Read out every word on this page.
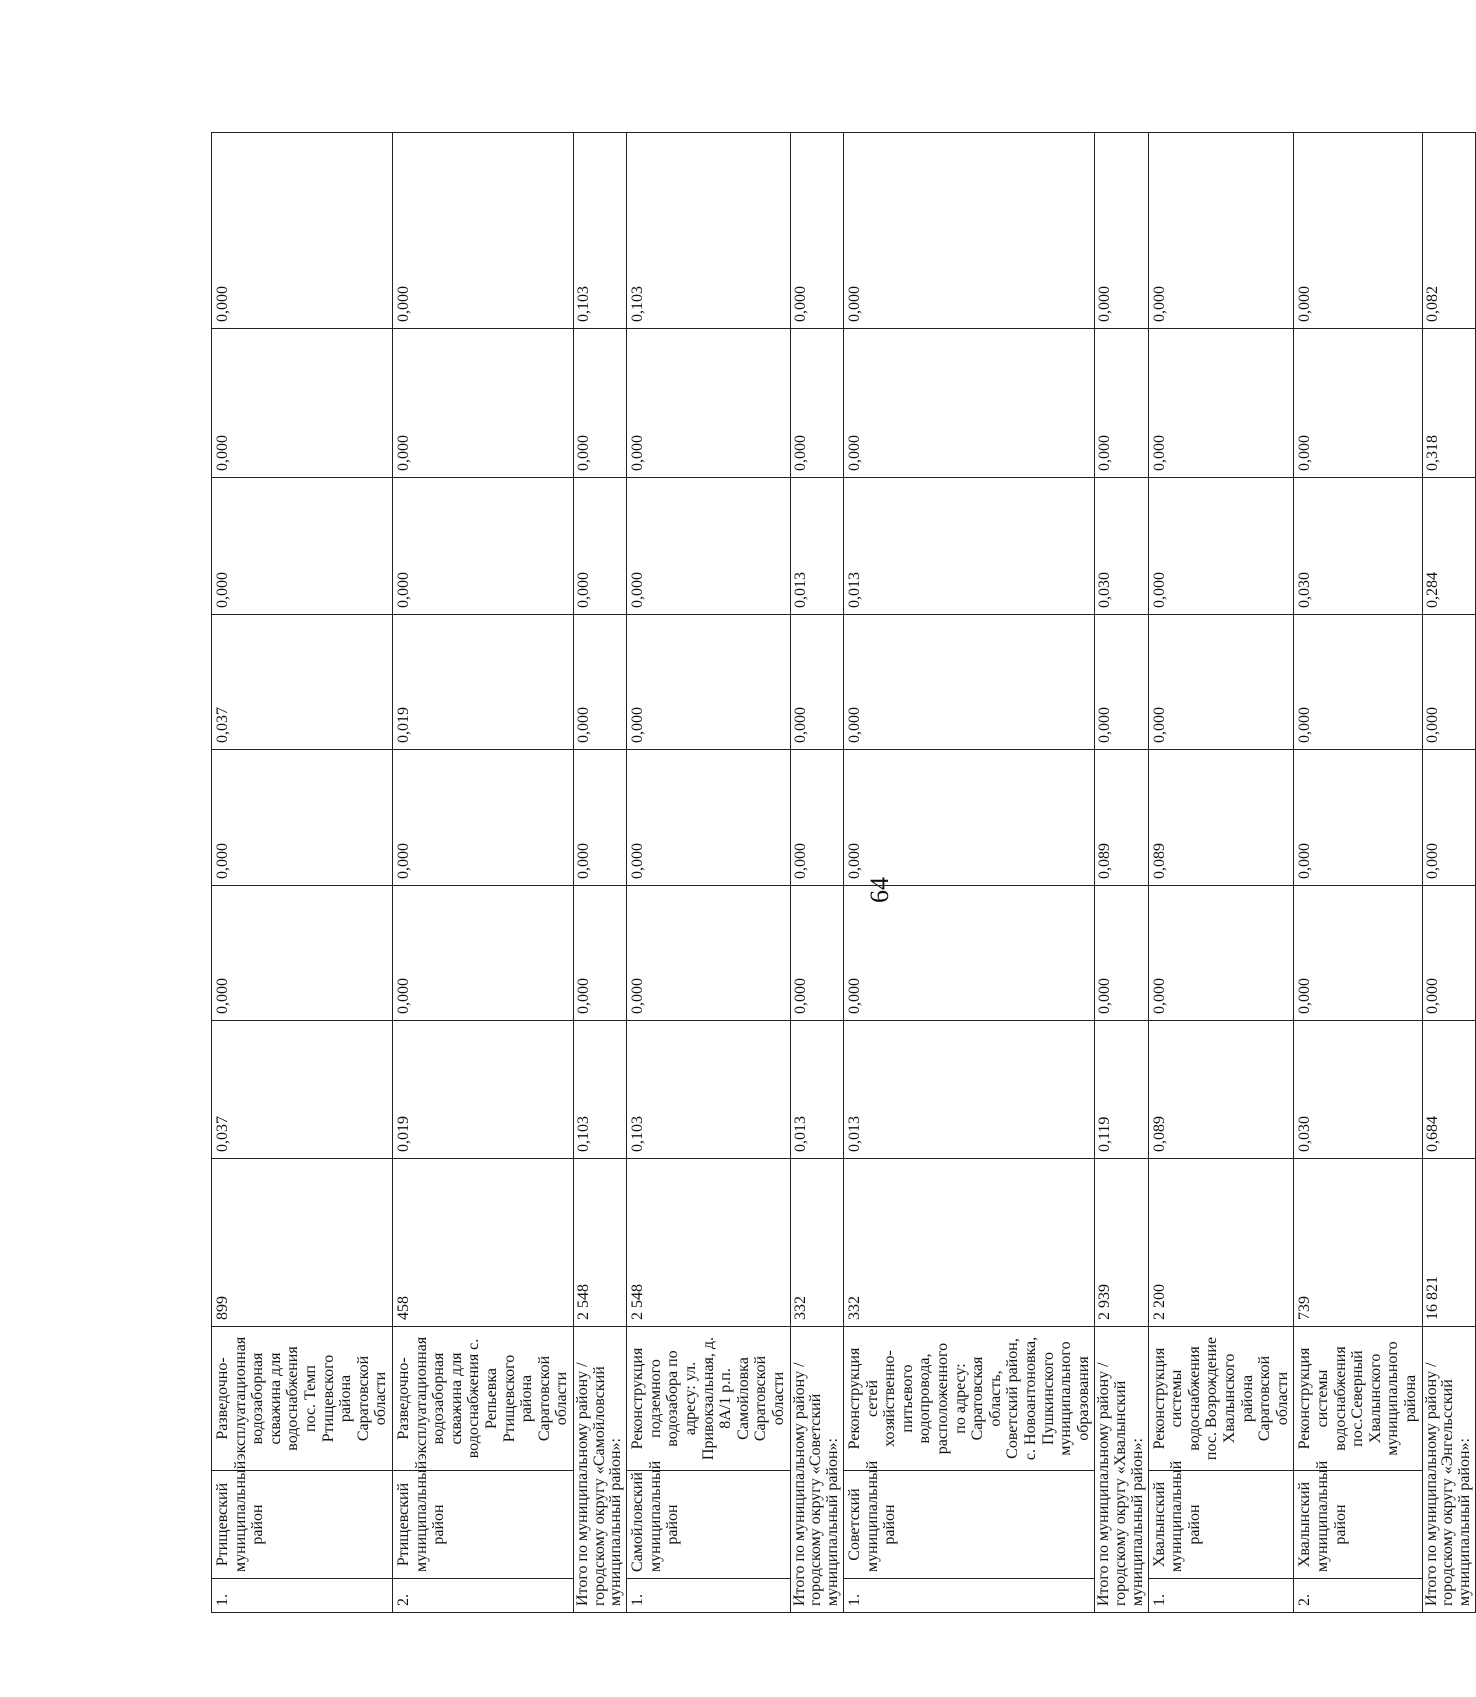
64
1.	Ртищевский муниципальный район	Разведочно-эксплуатационная водозаборная скважина для водоснабжения пос. Темп Ртищевского района Саратовской области	899	0,037	0,000	0,000	0,037	0,000	0,000	0,000
2.	Ртищевский муниципальный район	Разведочно-эксплуатационная водозаборная скважина для водоснабжения с. Репьевка Ртищевского района Саратовской области	458	0,019	0,000	0,000	0,019	0,000	0,000	0,000
Итого по муниципальному району / городскому округу «Самойловский муниципальный район»:			2 548	0,103	0,000	0,000	0,000	0,000	0,000	0,103
1.	Самойловский муниципальный район	Реконструкция подземного водозабора по адресу: ул. Привокзальная, д. 8А/1 р.п. Самойловка Саратовской области	2 548	0,103	0,000	0,000	0,000	0,000	0,000	0,103
Итого по муниципальному району / городскому округу «Советский муниципальный район»:			332	0,013	0,000	0,000	0,000	0,013	0,000	0,000
1.	Советский муниципальный район	Реконструкция сетей хозяйственно-питьевого водопровода, расположенного по адресу: Саратовская область, Советский район, с. Новоантоновка, Пушкинского муниципального образования	332	0,013	0,000	0,000	0,000	0,013	0,000	0,000
Итого по муниципальному району / городскому округу «Хвалынский муниципальный район»:			2 939	0,119	0,000	0,089	0,000	0,030	0,000	0,000
1.	Хвалынский муниципальный район	Реконструкция системы водоснабжения пос. Возрождение Хвалынского района Саратовской области	2 200	0,089	0,000	0,089	0,000	0,000	0,000	0,000
2.	Хвалынский муниципальный район	Реконструкция системы водоснабжения пос.Северный Хвалынского муниципального района	739	0,030	0,000	0,000	0,000	0,030	0,000	0,000
Итого по муниципальному району / городскому округу «Энгельсский муниципальный район»:			16 821	0,684	0,000	0,000	0,000	0,284	0,318	0,082
